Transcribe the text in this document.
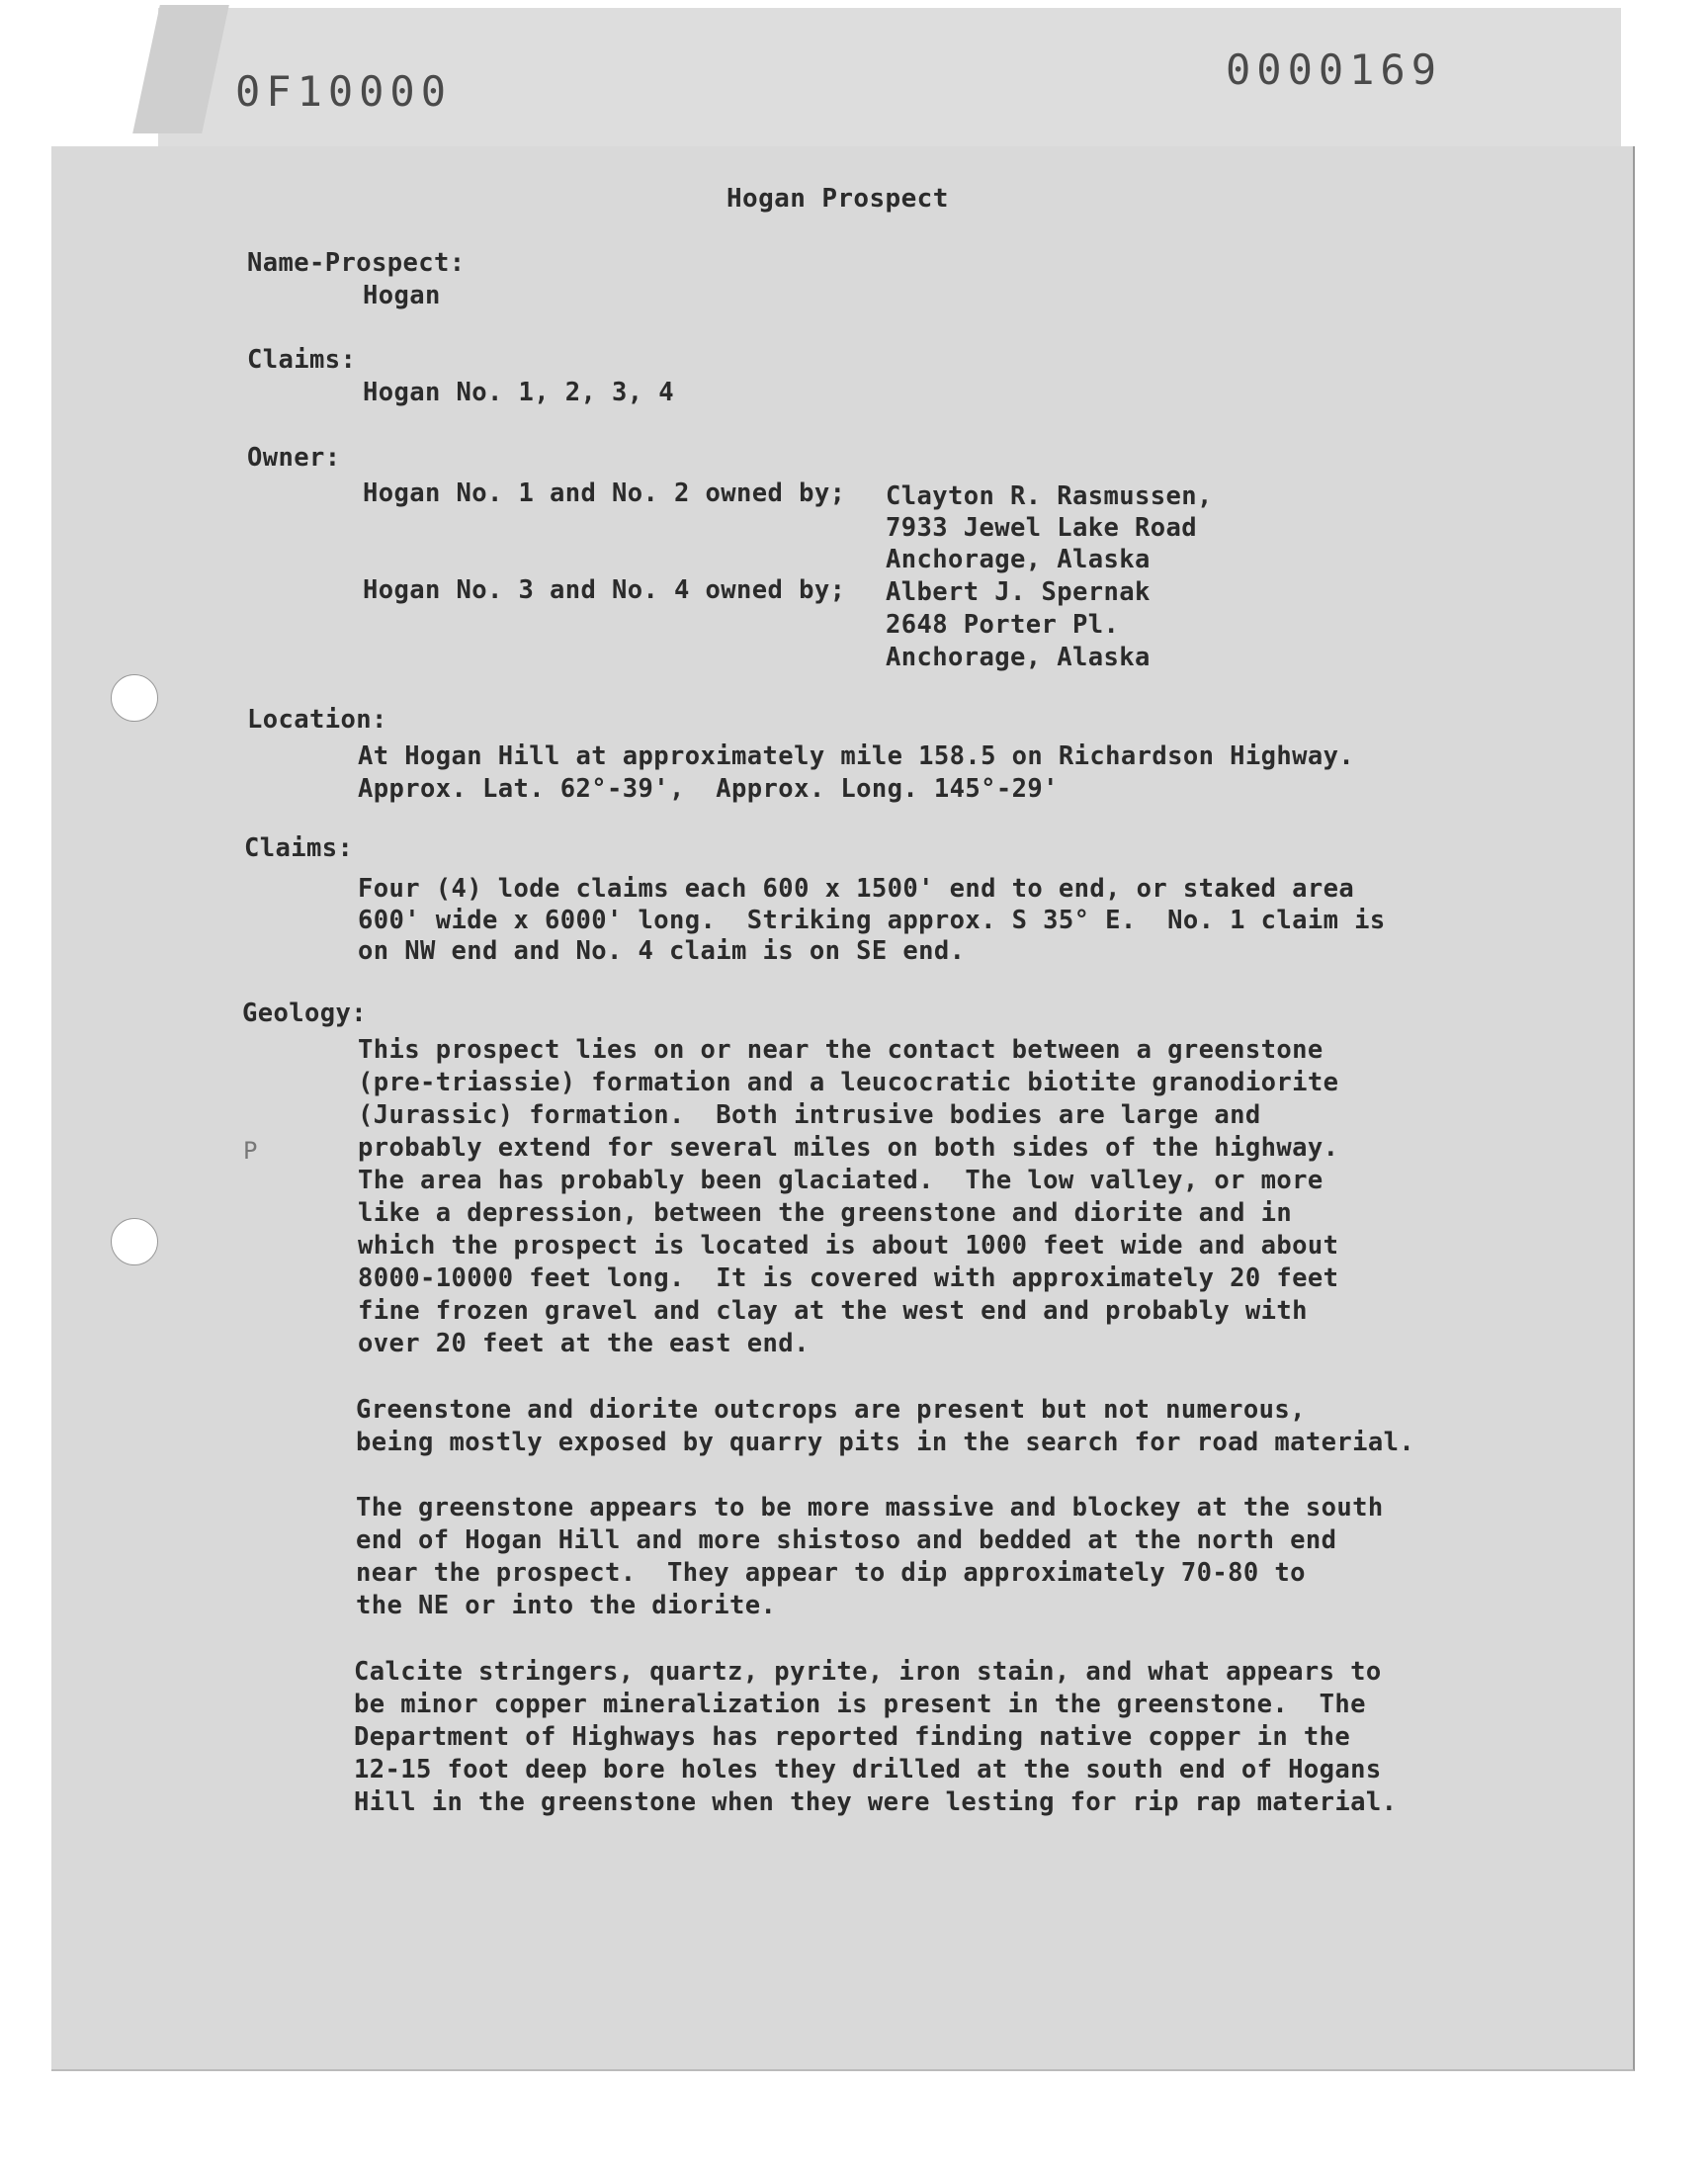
0F10000	0000169
Hogan Prospect
Name-Prospect:
Hogan
Claims:
Hogan No. 1, 2, 3, 4
Owner:
Hogan No. 1 and No. 2 owned by; Clayton R. Rasmussen,
7933 Jewel Lake Road
Anchorage, Alaska
Hogan No. 3 and No. 4 owned by; Albert J. Spernak
2648 Porter Pl.
Anchorage, Alaska
Location:
At Hogan Hill at approximately mile 158.5 on Richardson Highway.
Approx. Lat. 62°-39',  Approx. Long. 145°-29'
Claims:
Four (4) lode claims each 600 x 1500' end to end, or staked area
600' wide x 6000' long.  Striking approx. S 35° E.  No. 1 claim is
on NW end and No. 4 claim is on SE end.
Geology:
P
This prospect lies on or near the contact between a greenstone
(pre-triassie) formation and a leucocratic biotite granodiorite
(Jurassic) formation.  Both intrusive bodies are large and
probably extend for several miles on both sides of the highway.
The area has probably been glaciated.  The low valley, or more
like a depression, between the greenstone and diorite and in
which the prospect is located is about 1000 feet wide and about
8000-10000 feet long.  It is covered with approximately 20 feet
fine frozen gravel and clay at the west end and probably with
over 20 feet at the east end.
Greenstone and diorite outcrops are present but not numerous,
being mostly exposed by quarry pits in the search for road material.
The greenstone appears to be more massive and blockey at the south
end of Hogan Hill and more shistoso and bedded at the north end
near the prospect.  They appear to dip approximately 70-80 to
the NE or into the diorite.
Calcite stringers, quartz, pyrite, iron stain, and what appears to
be minor copper mineralization is present in the greenstone.  The
Department of Highways has reported finding native copper in the
12-15 foot deep bore holes they drilled at the south end of Hogans
Hill in the greenstone when they were lesting for rip rap material.
